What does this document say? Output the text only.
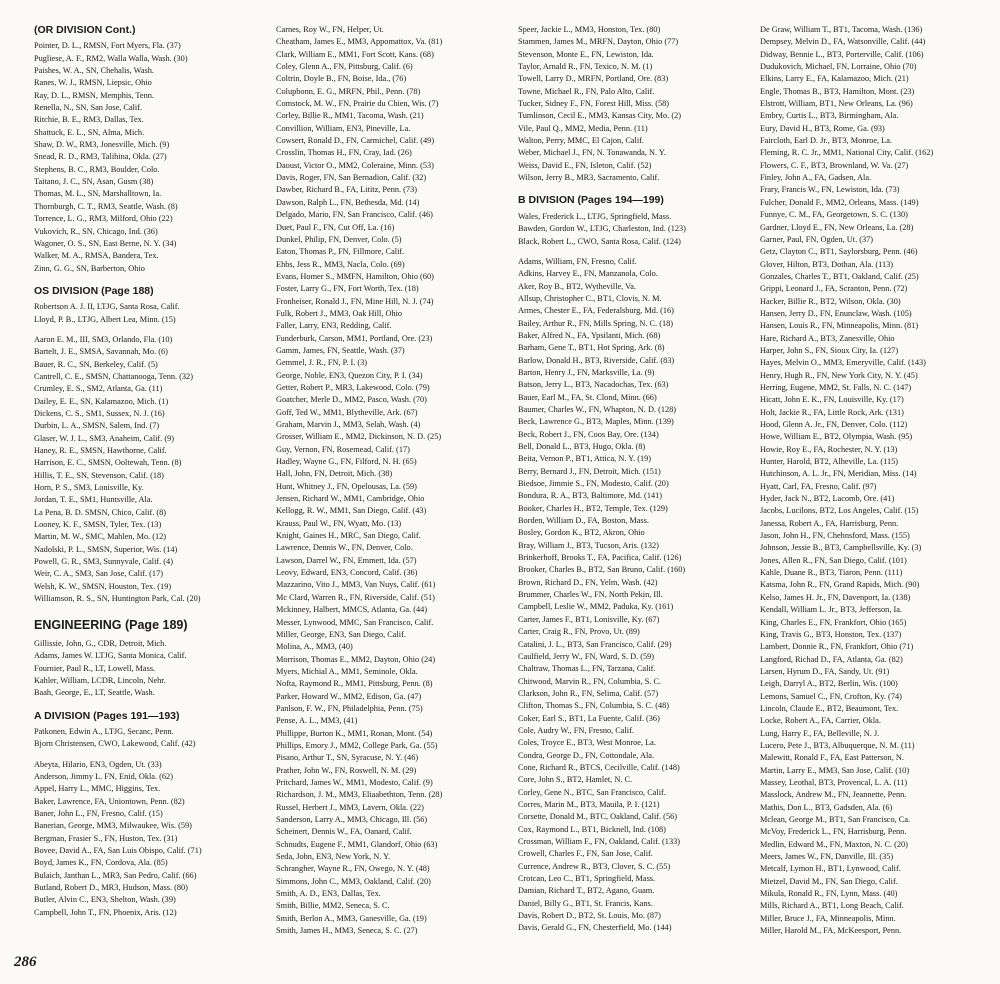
(OR DIVISION Cont.)
Pointer, D. L., RMSN, Fort Myers, Fla. (37)
Pugliese, A. F., RM2, Walla Walla, Wash. (30)
Paishes, W. A., SN, Chehalis, Wash.
Ranes, W. J., RMSN, Liepsic, Ohio
Ray, D. L., RMSN, Memphis, Tenn.
Renella, N., SN, San Jose, Calif.
Ritchie, B. E., RM3, Dallas, Tex.
Shattuck, E. L., SN, Alma, Mich.
Shaw, D. W., RM3, Jonesville, Mich. (9)
Snead, R. D., RM3, Talihina, Okla. (27)
Stephens, B. C., RM3, Boulder, Colo.
Taitano, J. C., SN, Asan, Gusm (38)
Thomas, M. L., SN, Marshalltown, Ia.
Thornburgh, C. T., RM3, Seattle, Wash. (8)
Torrence, L. G., RM3, Milford, Ohio (22)
Vukovich, R., SN, Chicago, Ind. (36)
Wagoner, O. S., SN, East Berne, N. Y. (34)
Walker, M. A., RMSA, Bandera, Tex.
Zinn, G. G., SN, Barberton, Ohio
OS DIVISION (Page 188)
Robertson A. J. II, LTJG, Santa Rosa, Calif.
Lloyd, P. B., LTJG, Albert Lea, Minn. (15)
Aaron E. M., III, SM3, Orlando, Fla. (10)
Bartelt, J. E., SMSA, Savannah, Mo. (6)
Bauer, R. C., SN, Berkeley, Calif. (5)
Cantrell, C. E., SMSN, Chattanooga, Tenn. (32)
Crumley, E. S., SM2, Atlanta, Ga. (11)
Dailey, E. E., SN, Kalamazoo, Mich. (1)
Dickens, C. S., SM1, Sussex, N. J. (16)
Durbin, L. A., SMSN, Salem, Ind. (7)
Glaser, W. J. L., SM3, Anaheim, Calif. (9)
Haney, R. E., SMSN, Hawthorne, Calif.
Harrison, E. C., SMSN, Ooltewah, Tenn. (8)
Hillis, T. E., SN, Stevenson, Calif. (18)
Horn, P. S., SM3, Lonisville, Ky.
Jordan, T. E., SM1, Huntsville, Ala.
La Pena, B. D. SMSN, Chico, Calif. (8)
Looney, K. F., SMSN, Tyler, Tex. (13)
Martin, M. W., SMC, Mahlen, Mo. (12)
Nadolski, P. L., SMSN, Superior, Wis. (14)
Powell, G. R., SM3, Sunnyvale, Calif. (4)
Weir, C. A., SM3, San Jose, Calif. (17)
Welsh, K. W., SMSN, Houston, Tex. (19)
Williamson, R. S., SN, Huntington Park, Cal. (20)
ENGINEERING (Page 189)
Gillissie, John, G., CDR, Detroit, Mich.
Adams, James W. LTJG, Santa Monica, Calif.
Fournier, Paul R., LT, Lowell, Mass.
Kahler, William, LCDR, Lincoln, Nehr.
Baah, George, E., LT, Seattle, Wash.
A DIVISION (Pages 191—193)
Patkonen, Edwin A., LTJG, Secanc, Penn.
Bjorn Christensen, CWO, Lakewood, Calif. (42)
Abeyta, Hilario, EN3, Ogden, Ut. (33)
Anderson, Jimmy L. FN, Enid, Okla. (62)
Appel, Harry L., MMC, Higgins, Tex.
Baker, Lawrence, FA, Uniontown, Penn. (82)
Baner, John L., FN, Fresno, Calif. (15)
Banerian, George, MM3, Milwaukee, Wis. (59)
Bergman, Frasier S., FN, Huston, Tex. (31)
Bovee, David A., FA, San Luis Obispo, Calif. (71)
Boyd, James K., FN, Cordova, Ala. (85)
Bulaich, Janthan L., MR3, San Pedro, Calif. (66)
Butland, Robert D., MR3, Hudson, Mass. (80)
Butler, Alvin C., EN3, Shelton, Wash. (39)
Campbell, John T., FN, Phoenix, Aris. (12)
Carnes, Roy W., FN, Helper, Ut.
Cheatham, James E., MM3, Appomattox, Va. (81)
Clark, William E., MM1, Fort Scott, Kans. (68)
Coley, Glenn A., FN, Pittsburg, Calif. (6)
Coltrin, Doyle B., FN, Boise, Ida., (76)
Colupbonn, E. G., MRFN, Phil., Penn. (78)
Comstock, M. W., FN, Prairie du Chien, Wis. (7)
Corley, Billie R., MM1, Tacoma, Wash. (21)
Convillion, William, EN3, Pineville, La.
Cowsert, Ronald D., FN, Carmichel, Calif. (49)
Crosslin, Thomas H., FN, Cray, Iad. (26)
Daoust, Victor O., MM2, Coleraine, Minn. (53)
Davis, Roger, FN, San Bernadion, Calif. (32)
Dawber, Richard B., FA, Lititz, Penn. (73)
Dawson, Ralph L., FN, Bethesda, Md. (14)
Delgado, Mario, FN, San Francisco, Calif. (46)
Duet, Paul F., FN, Cut Off, La. (16)
Dunkel, Philip, FN, Denver, Colo. (5)
Eaton, Thomas P., FN, Fillmore, Calif.
Ehbs, Jess R., MM3, Nacla, Colo. (69)
Evans, Homer S., MMFN, Hamilton, Ohio (60)
Foster, Larry G., FN, Fort Worth, Tex. (18)
Fronheiser, Ronald J., FN, Mine Hill, N. J. (74)
Fulk, Robert J., MM3, Oak Hill, Ohio
Faller, Larry, EN3, Redding, Calif.
Funderburk, Carson, MM1, Portland, Ore. (23)
Gamm, James, FN, Seattle, Wash. (37)
Gemmel, J. R., FN, P. I. (3)
George, Noble, EN3, Quezon City, P. I. (34)
Getter, Robert P., MR3, Lakewood, Colo. (79)
Goatcher, Merle D., MM2, Pasco, Wash. (70)
Goff, Ted W., MM1, Blytheville, Ark. (67)
Graham, Marvin J., MM3, Selah, Wash. (4)
Grosser, William E., MM2, Dickinson, N. D. (25)
Guy, Vernon, FN, Rosemead, Calif. (17)
Hadley, Wayne G., FN, Filford, N. H. (65)
Hall, John, FN, Detroit, Mich. (38)
Hunt, Whitney J., FN, Opelousas, La. (59)
Jensen, Richard W., MM1, Cambridge, Ohio
Kellogg, R. W., MM1, San Diego, Calif. (43)
Krauss, Paul W., FN, Wyatt, Mo. (13)
Knight, Gaines H., MRC, San Diego, Calif.
Lawrence, Dennis W., FN, Denver, Colo.
Lawson, Darrel W., FN, Emmett, Ida. (57)
Leovy, Edward, EN3, Concord, Calif. (36)
Mazzarino, Vito J., MM3, Van Nuys, Calif. (61)
Mc Clard, Warren R., FN, Riverside, Calif. (51)
Mckinney, Halbert, MMCS, Atlanta, Ga. (44)
Messer, Lynwood, MMC, San Francisco, Calif.
Miller, George, EN3, San Diego, Calif.
Molina, A., MM3, (40)
Morrison, Thomas E., MM2, Dayton, Ohio (24)
Myers, Michial A., MM1, Seminole, Okla.
Nofta, Raymond R., MM1, Pittsburg, Penn. (8)
Parker, Howard W., MM2, Edison, Ga. (47)
Panlson, F. W., FN, Philadelphia, Penn. (75)
Pense, A. L., MM3, (41)
Phillippe, Burton K., MM1, Ronan, Mont. (54)
Phillips, Emory J., MM2, College Park, Ga. (55)
Pisano, Arthur T., SN, Syracuse, N. Y. (46)
Prather, John W., FN, Roswell, N. M. (29)
Pritchard, James W., MM1, Modesto, Calif. (9)
Richardson, J. M., MM3, Eliaabethton, Tenn. (28)
Russel, Herbert J., MM3, Lavern, Okla. (22)
Sanderson, Larry A., MM3, Chicago, Ill. (56)
Scheinert, Dennis W., FA, Oanard, Calif.
Schnudts, Eugene F., MM1, Glandorf, Ohio (63)
Seda, John, EN3, New York, N. Y.
Schrangher, Wayne R., FN, Owego, N. Y. (48)
Simmons, John C., MM3, Oakland, Calif. (20)
Smith, A. D., EN3, Dallas, Tex.
Smith, Billie, MM2, Seneca, S. C.
Smith, Berlon A., MM3, Ganesville, Ga. (19)
Smith, James H., MM3, Seneca, S. C. (27)
Speer, Jackie L., MM3, Honston, Tex. (80)
Stammen, James M., MRFN, Dayton, Ohio (77)
Stevenson, Monte E., FN, Lewiston, Ida.
Taylor, Arnald R., FN, Texico, N. M. (1)
Towell, Larry D., MRFN, Portland, Ore. (83)
Towne, Michael R., FN, Palo Alto, Calif.
Tucker, Sidney F., FN, Forest Hill, Miss. (58)
Tumlinson, Cecil E., MM3, Kansas City, Mo. (2)
Vile, Paul Q., MM2, Media, Penn. (11)
Walton, Perry, MMC, El Cajon, Calif.
Weber, Michael J., FN, N. Tonawanda, N. Y.
Weiss, David E., FN, Isleton, Calif. (52)
Wilson, Jerry B., MR3, Sacramento, Calif.
B DIVISION (Pages 194—199)
Wales, Frederick L., LTJG, Springfield, Mass.
Bawden, Gordon W., LTJG, Charleston, Ind. (123)
Black, Robert L., CWO, Santa Rosa, Calif. (124)
Adams, William, FN, Fresno, Calif.
Adkins, Harvey E., FN, Manzanola, Colo.
Aker, Roy B., BT2, Wytheville, Va.
Allsup, Christopher C., BT1, Clovis, N. M.
Armes, Chester E., FA, Federalsburg, Md. (16)
Bailey, Arthur R., FN, Mills Spring, N. C. (18)
Baker, Alfred N., FA, Ypsilanti, Mich. (68)
Barham, Gene T., BT1, Hot Spring, Ark. (8)
Barlow, Donald H., BT3, Riverside, Calif. (83)
Barton, Henry J., FN, Marksville, La. (9)
Batson, Jerry L., BT3, Nacadochas, Tex. (63)
Bauer, Earl M., FA, St. Clond, Minn. (66)
Baumer, Charles W., FN, Whapton, N. D. (128)
Beck, Lawrence G., BT3, Maples, Minn. (139)
Beck, Robert J., FN, Coos Bay, Ore. (134)
Bell, Donald L., BT3, Hugo, Okla. (8)
Beita, Vernon P., BT1, Attica, N. Y. (19)
Berry, Bernard J., FN, Detroit, Mich. (151)
Biedsoe, Jimmie S., FN, Modesto, Calif. (20)
Bondura, R. A., BT3, Baltimore, Md. (141)
Booker, Charles H., BT2, Temple, Tex. (129)
Borden, William D., FA, Boston, Mass.
Bosley, Gordon K., BT2, Akron, Ohio
Bray, William J., BT3, Tucson, Aris. (132)
Brinkerhoff, Brooks T., FA, Pacifica, Calif. (126)
Brooker, Charles B., BT2, San Bruno, Calif. (160)
Brown, Richard D., FN, Yelm, Wash. (42)
Brummer, Charles W., FN, North Pekin, Ill.
Campbell, Leslie W., MM2, Paduka, Ky. (161)
Carter, James F., BT1, Lonisville, Ky. (67)
Carter, Craig R., FN, Provo, Ut. (89)
Catalini, J. L., BT3, San Francisco, Calif. (29)
Caulfield, Jerry W., FN, Ward, S. D. (59)
Chaltraw, Thomas L., FN, Tarzana, Calif.
Chitwood, Marvin R., FN, Columbia, S. C.
Clarkson, John R., FN, Selima, Calif. (57)
Clifton, Thomas S., FN, Columbia, S. C. (48)
Coker, Earl S., BT1, La Fuente, Calif. (36)
Cole, Audry W., FN, Fresno, Calif.
Coles, Troyce E., BT3, West Monroe, La.
Condra, George D., FN, Cottondale, Ala.
Cone, Richard R., BTCS, Cecilville, Calif. (148)
Core, John S., BT2, Hamlet, N. C.
Corley, Gene N., BTC, San Francisco, Calif.
Corres, Marin M., BT3, Mauila, P. I. (121)
Corsette, Donald M., BTC, Oakland, Calif. (56)
Cox, Raymond L., BT1, Bicknell, Ind. (108)
Crossman, William F., FN, Oakland, Calif. (133)
Crowell, Charles F., FN, San Jose, Calif.
Currence, Andrew R., BT3, Clover, S. C. (55)
Crotcan, Leo C., BT1, Springfield, Mass.
Damian, Richard T., BT2, Agano, Guam.
Daniel, Billy G., BT1, St. Francis, Kans.
Davis, Robert D., BT2, St. Louis, Mo. (87)
Davis, Gerald G., FN, Chesterfield, Mo. (144)
De Graw, William T., BT1, Tacoma, Wash. (136)
Dempsey, Melvin D., FA, Watsonville, Calif. (44)
Didway, Bennie L., BT3, Porterville, Calif. (106)
Dudukovich, Michael, FN, Lorraine, Ohio (70)
Elkins, Larry E., FA, Kalamazoo, Mich. (21)
Engle, Thomas B., BT3, Hamilton, Mont. (23)
Elstrott, William, BT1, New Orleans, La. (96)
Embry, Curtis L., BT3, Birmingham, Ala.
Eury, David H., BT3, Rome, Ga. (93)
Faircloth, Earl D. Jr., BT3, Monroe, La.
Fleming, R. C. Jr., MM1, National City, Calif. (162)
Flowers, C. F., BT3, Brownland, W. Va. (27)
Finley, John A., FA, Gadsen, Ala.
Frary, Francis W., FN, Lewiston, Ida. (73)
Fulcher, Donald F., MM2, Orleans, Mass. (149)
Funnye, C. M., FA, Georgetown, S. C. (130)
Gardner, Lloyd E., FN, New Orleans, La. (28)
Garner, Paul, FN, Ogden, Ut. (37)
Getz, Clayton C., BT1, Saylorsburg, Penn. (46)
Glover, Hilton, BT3, Dothan, Ala. (113)
Gonzales, Charles T., BT1, Oakland, Calif. (25)
Grippi, Leonard J., FA, Scranton, Penn. (72)
Hacker, Billie R., BT2, Wilson, Okla. (30)
Hansen, Jerry D., FN, Enunclaw, Wash. (105)
Hansen, Louis R., FN, Minneapolis, Minn. (81)
Hare, Richard A., BT3, Zanesville, Ohio
Harper, John S., FN, Sioux City, Ia. (127)
Hayes, Melvin O., MM3, Emeryville, Calif. (143)
Henry, Hugh R., FN, New York City, N. Y. (45)
Herring, Eugene, MM2, St. Falls, N. C. (147)
Hicatt, John E. K., FN, Louisville, Ky. (17)
Holt, Jackie R., FA, Little Rock, Ark. (131)
Hood, Glenn A. Jr., FN, Denver, Colo. (112)
Howe, William E., BT2, Olympia, Wash. (95)
Howie, Roy E., FA, Rochester, N. Y. (13)
Hunter, Harold, BT2, Alheville, La. (115)
Hutchinson, A. L. Jr., FN, Meridian, Miss. (14)
Hyatt, Carl, FA, Fresno, Calif. (97)
Hyder, Jack N., BT2, Lacomb, Ore. (41)
Jacobs, Lucilons, BT2, Los Angeles, Calif. (15)
Janessa, Robert A., FA, Harrisburg, Penn.
Jason, John H., FN, Chehnsford, Mass. (155)
Johnson, Jessie B., BT3, Campbellsville, Ky. (3)
Jones, Allen R., FN, San Diego, Calif. (101)
Kahle, Duane R., BT3, Tiaron, Penn. (111)
Katsma, John R., FN, Grand Rapids, Mich. (90)
Kelso, James H. Jr., FN, Davenport, Ia. (138)
Kendall, William L. Jr., BT3, Jefferson, Ia.
King, Charles E., FN, Frankfort, Ohio (165)
King, Travis G., BT3, Honston, Tex. (137)
Lambert, Donnie R., FN, Frankfort, Ohio (71)
Langford, Richad D., FA, Atlanta, Ga. (82)
Larsen, Hyrum D., FA, Sandy, Ut. (91)
Leigh, Darryl A., BT2, Berlin, Wis. (100)
Lemons, Samuel C., FN, Crofton, Ky. (74)
Lincoln, Claude E., BT2, Beaumont, Tex.
Locke, Robert A., FA, Carrier, Okla.
Lung, Harry F., FA, Belleville, N. J.
Lucero, Pete J., BT3, Albuquerque, N. M. (11)
Malewitt, Ronald F., FA, East Patterson, N.
Martin, Larry E., MM3, San Jose, Calif. (10)
Massey, Leothal, BT3, Provencal, L. A. (11)
Masslock, Andrew M., FN, Jeannette, Penn.
Mathis, Don L., BT3, Gadsden, Ala. (6)
Mclean, George M., BT1, San Francisco, Ca.
McVoy, Frederick L., FN, Harrisburg, Penn.
Medlin, Edward M., FN, Maxton, N. C. (20)
Meers, James W., FN, Danville, Ill. (35)
Metcalf, Lymon H., BT1, Lynwood, Calif.
Mietzel, David M., FN, San Diego, Calif.
Mikula, Ronald R., FN, Lynn, Mass. (40)
Mills, Richard A., BT1, Long Beach, Calif.
Miller, Bruce J., FA, Minneapolis, Minn.
Miller, Harold M., FA, McKeesport, Penn.
286
